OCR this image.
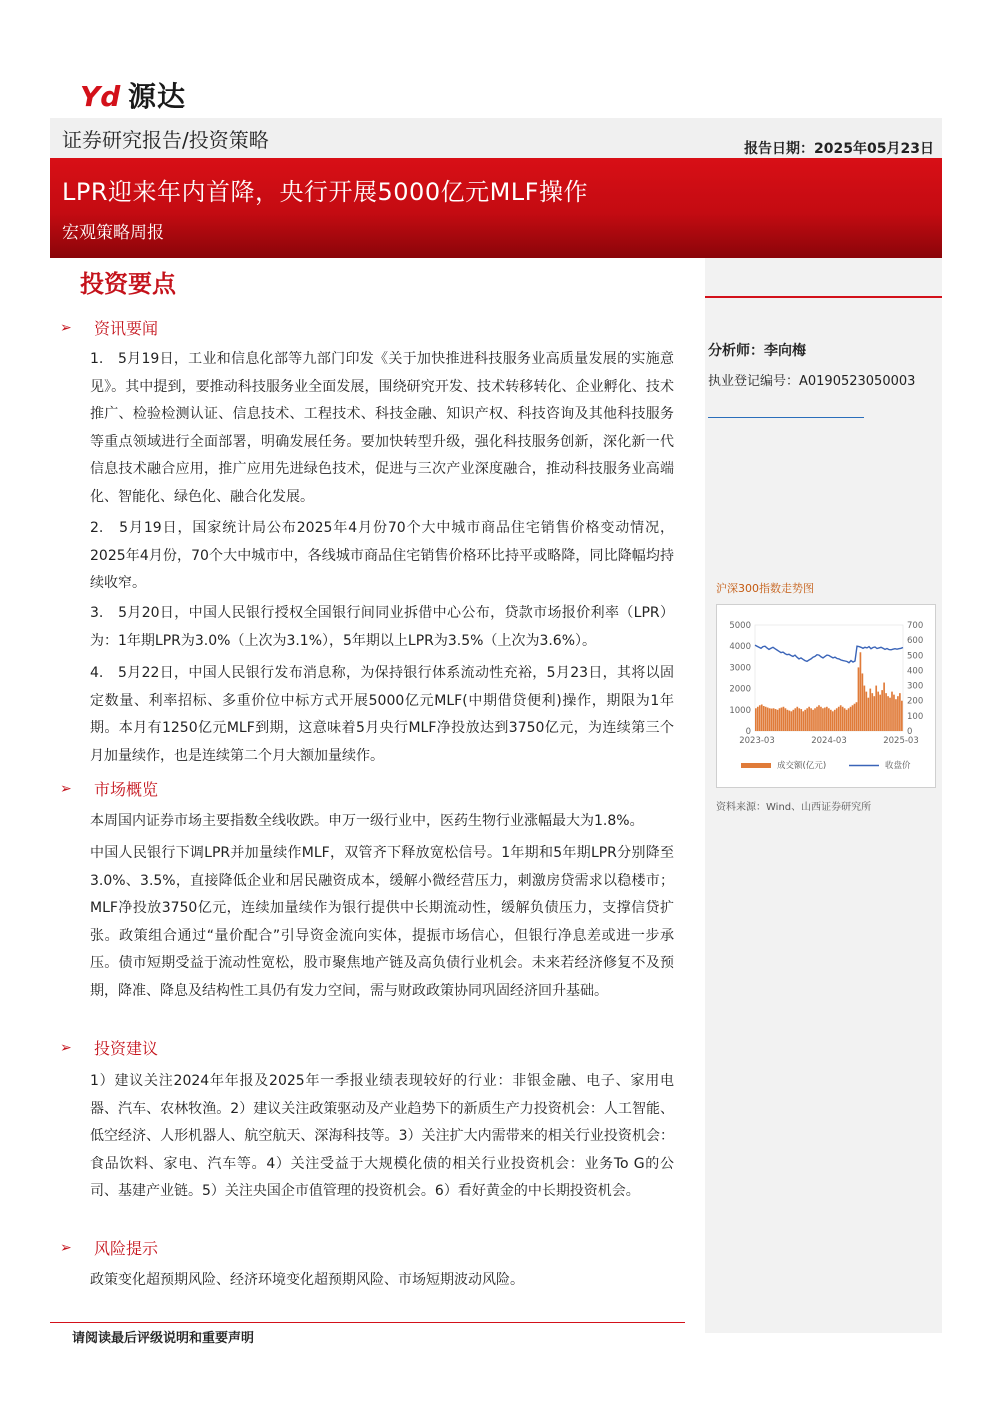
Yd 源达
证券研究报告/投资策略	报告日期：2025年05月23日
LPR迎来年内首降，央行开展5000亿元MLF操作
宏观策略周报
分析师：李向梅
执业登记编号：A0190523050003
沪深300指数走势图
5000
4000
3000
2000
1000
0
700
600
500
400
300
200
100
0
2023-03	2024-03	2025-03
成交额(亿元)	收盘价
资料来源：Wind、山西证券研究所
投资要点
➢	资讯要闻
1.　5月19日，工业和信息化部等九部门印发《关于加快推进科技服务业高质量发展的实施意见》。其中提到，要推动科技服务业全面发展，围绕研究开发、技术转移转化、企业孵化、技术推广、检验检测认证、信息技术、工程技术、科技金融、知识产权、科技咨询及其他科技服务等重点领域进行全面部署，明确发展任务。要加快转型升级，强化科技服务创新，深化新一代信息技术融合应用，推广应用先进绿色技术，促进与三次产业深度融合，推动科技服务业高端化、智能化、绿色化、融合化发展。
2.　5月19日，国家统计局公布2025年4月份70个大中城市商品住宅销售价格变动情况，2025年4月份，70个大中城市中，各线城市商品住宅销售价格环比持平或略降，同比降幅均持续收窄。
3.　5月20日，中国人民银行授权全国银行间同业拆借中心公布，贷款市场报价利率（LPR）为：1年期LPR为3.0%（上次为3.1%），5年期以上LPR为3.5%（上次为3.6%）。
4.　5月22日，中国人民银行发布消息称，为保持银行体系流动性充裕，5月23日，其将以固定数量、利率招标、多重价位中标方式开展5000亿元MLF(中期借贷便利)操作，期限为1年期。本月有1250亿元MLF到期，这意味着5月央行MLF净投放达到3750亿元，为连续第三个月加量续作，也是连续第二个月大额加量续作。
➢	市场概览
本周国内证券市场主要指数全线收跌。申万一级行业中，医药生物行业涨幅最大为1.8%。
中国人民银行下调LPR并加量续作MLF，双管齐下释放宽松信号。1年期和5年期LPR分别降至3.0%、3.5%，直接降低企业和居民融资成本，缓解小微经营压力，刺激房贷需求以稳楼市；MLF净投放3750亿元，连续加量续作为银行提供中长期流动性，缓解负债压力，支撑信贷扩张。政策组合通过“量价配合”引导资金流向实体，提振市场信心，但银行净息差或进一步承压。债市短期受益于流动性宽松，股市聚焦地产链及高负债行业机会。未来若经济修复不及预期，降准、降息及结构性工具仍有发力空间，需与财政政策协同巩固经济回升基础。
➢	投资建议
1）建议关注2024年年报及2025年一季报业绩表现较好的行业：非银金融、电子、家用电器、汽车、农林牧渔。2）建议关注政策驱动及产业趋势下的新质生产力投资机会：人工智能、低空经济、人形机器人、航空航天、深海科技等。3）关注扩大内需带来的相关行业投资机会：食品饮料、家电、汽车等。4）关注受益于大规模化债的相关行业投资机会：业务To G的公司、基建产业链。5）关注央国企市值管理的投资机会。6）看好黄金的中长期投资机会。
➢	风险提示
政策变化超预期风险、经济环境变化超预期风险、市场短期波动风险。
请阅读最后评级说明和重要声明
